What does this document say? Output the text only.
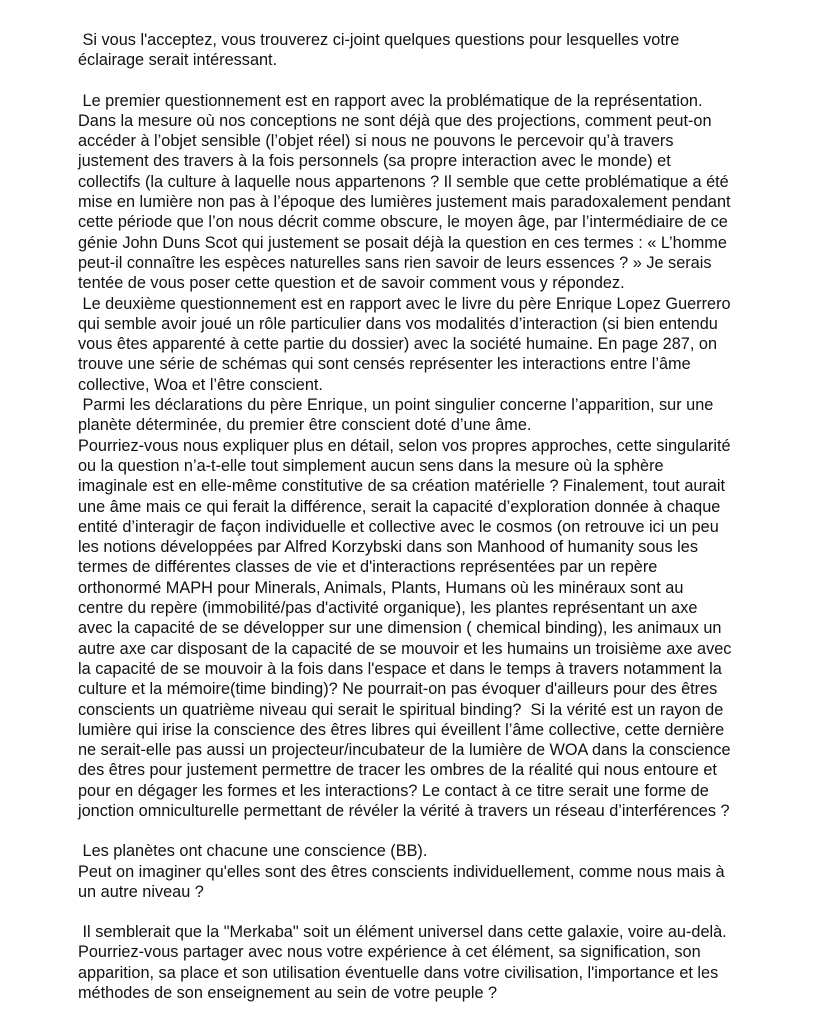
Si vous l'acceptez, vous trouverez ci-joint quelques questions pour lesquelles votre
éclairage serait intéressant.

Le premier questionnement est en rapport avec la problématique de la représentation.
Dans la mesure où nos conceptions ne sont déjà que des projections, comment peut-on
accéder à l’objet sensible (l’objet réel) si nous ne pouvons le percevoir qu’à travers
justement des travers à la fois personnels (sa propre interaction avec le monde) et
collectifs (la culture à laquelle nous appartenons ? Il semble que cette problématique a été
mise en lumière non pas à l’époque des lumières justement mais paradoxalement pendant
cette période que l’on nous décrit comme obscure, le moyen âge, par l’intermédiaire de ce
génie John Duns Scot qui justement se posait déjà la question en ces termes : « L’homme
peut-il connaître les espèces naturelles sans rien savoir de leurs essences ? » Je serais
tentée de vous poser cette question et de savoir comment vous y répondez.

Le deuxième questionnement est en rapport avec le livre du père Enrique Lopez Guerrero
qui semble avoir joué un rôle particulier dans vos modalités d’interaction (si bien entendu
vous êtes apparenté à cette partie du dossier) avec la société humaine. En page 287, on
trouve une série de schémas qui sont censés représenter les interactions entre l’âme
collective, Woa et l’être conscient.

Parmi les déclarations du père Enrique, un point singulier concerne l’apparition, sur une
planète déterminée, du premier être conscient doté d’une âme.
Pourriez-vous nous expliquer plus en détail, selon vos propres approches, cette singularité
ou la question n’a-t-elle tout simplement aucun sens dans la mesure où la sphère
imaginale est en elle-même constitutive de sa création matérielle ? Finalement, tout aurait
une âme mais ce qui ferait la différence, serait la capacité d’exploration donnée à chaque
entité d’interagir de façon individuelle et collective avec le cosmos (on retrouve ici un peu
les notions développées par Alfred Korzybski dans son Manhood of humanity sous les
termes de différentes classes de vie et d'interactions représentées par un repère
orthonormé MAPH pour Minerals, Animals, Plants, Humans où les minéraux sont au
centre du repère (immobilité/pas d'activité organique), les plantes représentant un axe
avec la capacité de se développer sur une dimension ( chemical binding), les animaux un
autre axe car disposant de la capacité de se mouvoir et les humains un troisième axe avec
la capacité de se mouvoir à la fois dans l'espace et dans le temps à travers notamment la
culture et la mémoire(time binding)? Ne pourrait-on pas évoquer d'ailleurs pour des êtres
conscients un quatrième niveau qui serait le spiritual binding?  Si la vérité est un rayon de
lumière qui irise la conscience des êtres libres qui éveillent l’âme collective, cette dernière
ne serait-elle pas aussi un projecteur/incubateur de la lumière de WOA dans la conscience
des êtres pour justement permettre de tracer les ombres de la réalité qui nous entoure et
pour en dégager les formes et les interactions? Le contact à ce titre serait une forme de
jonction omniculturelle permettant de révéler la vérité à travers un réseau d’interférences ?

Les planètes ont chacune une conscience (BB).
Peut on imaginer qu'elles sont des êtres conscients individuellement, comme nous mais à
un autre niveau ?

Il semblerait que la "Merkaba" soit un élément universel dans cette galaxie, voire au-delà.
Pourriez-vous partager avec nous votre expérience à cet élément, sa signification, son
apparition, sa place et son utilisation éventuelle dans votre civilisation, l'importance et les
méthodes de son enseignement au sein de votre peuple ?
